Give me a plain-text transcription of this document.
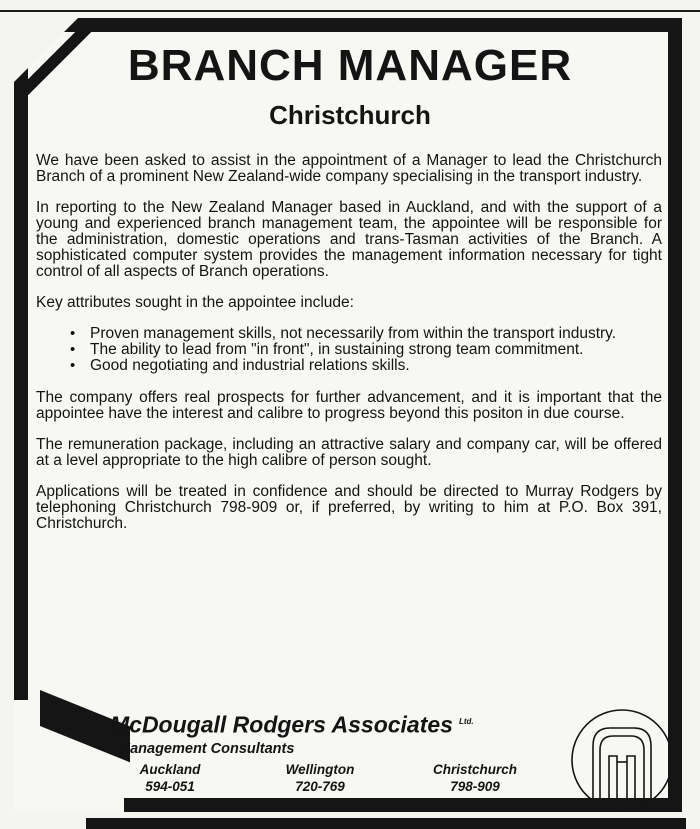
BRANCH MANAGER
Christchurch

We have been asked to assist in the appointment of a Manager to lead the Christchurch Branch of a prominent New Zealand-wide company specialising in the transport industry.

In reporting to the New Zealand Manager based in Auckland, and with the support of a young and experienced branch management team, the appointee will be responsible for the administration, domestic operations and trans-Tasman activities of the Branch. A sophisticated computer system provides the management information necessary for tight control of all aspects of Branch operations.

Key attributes sought in the appointee include:

• Proven management skills, not necessarily from within the transport industry.
• The ability to lead from "in front", in sustaining strong team commitment.
• Good negotiating and industrial relations skills.

The company offers real prospects for further advancement, and it is important that the appointee have the interest and calibre to progress beyond this positon in due course.

The remuneration package, including an attractive salary and company car, will be offered at a level appropriate to the high calibre of person sought.

Applications will be treated in confidence and should be directed to Murray Rodgers by telephoning Christchurch 798-909 or, if preferred, by writing to him at P.O. Box 391, Christchurch.

McDougall Rodgers Associates $^{Ltd.}$
Management Consultants
Auckland
594-051
Wellington
720-769
Christchurch
798-909
